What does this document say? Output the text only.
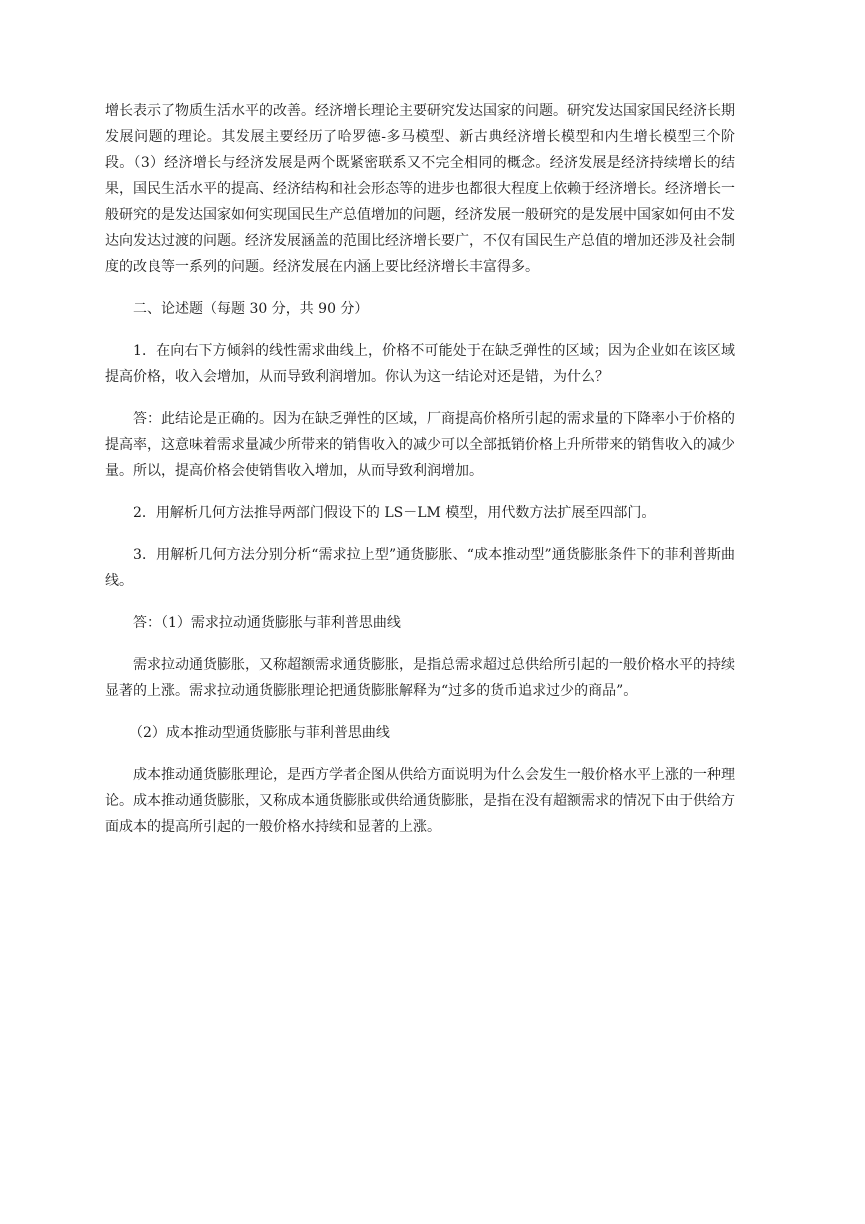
增长表示了物质生活水平的改善。经济增长理论主要研究发达国家的问题。研究发达国家国民经济长期发展问题的理论。其发展主要经历了哈罗德-多马模型、新古典经济增长模型和内生增长模型三个阶段。（3）经济增长与经济发展是两个既紧密联系又不完全相同的概念。经济发展是经济持续增长的结果，国民生活水平的提高、经济结构和社会形态等的进步也都很大程度上依赖于经济增长。经济增长一般研究的是发达国家如何实现国民生产总值增加的问题，经济发展一般研究的是发展中国家如何由不发达向发达过渡的问题。经济发展涵盖的范围比经济增长要广，不仅有国民生产总值的增加还涉及社会制度的改良等一系列的问题。经济发展在内涵上要比经济增长丰富得多。

二、论述题（每题 30 分，共 90 分）

1．在向右下方倾斜的线性需求曲线上，价格不可能处于在缺乏弹性的区域；因为企业如在该区域提高价格，收入会增加，从而导致利润增加。你认为这一结论对还是错，为什么？

答：此结论是正确的。因为在缺乏弹性的区域，厂商提高价格所引起的需求量的下降率小于价格的提高率，这意味着需求量减少所带来的销售收入的减少可以全部抵销价格上升所带来的销售收入的减少量。所以，提高价格会使销售收入增加，从而导致利润增加。

2．用解析几何方法推导两部门假设下的 LS－LM 模型，用代数方法扩展至四部门。

3．用解析几何方法分别分析“需求拉上型”通货膨胀、“成本推动型”通货膨胀条件下的菲利普斯曲线。

答：（1）需求拉动通货膨胀与菲利普思曲线

需求拉动通货膨胀，又称超额需求通货膨胀，是指总需求超过总供给所引起的一般价格水平的持续显著的上涨。需求拉动通货膨胀理论把通货膨胀解释为“过多的货币追求过少的商品”。

（2）成本推动型通货膨胀与菲利普思曲线

成本推动通货膨胀理论，是西方学者企图从供给方面说明为什么会发生一般价格水平上涨的一种理论。成本推动通货膨胀，又称成本通货膨胀或供给通货膨胀，是指在没有超额需求的情况下由于供给方面成本的提高所引起的一般价格水持续和显著的上涨。
